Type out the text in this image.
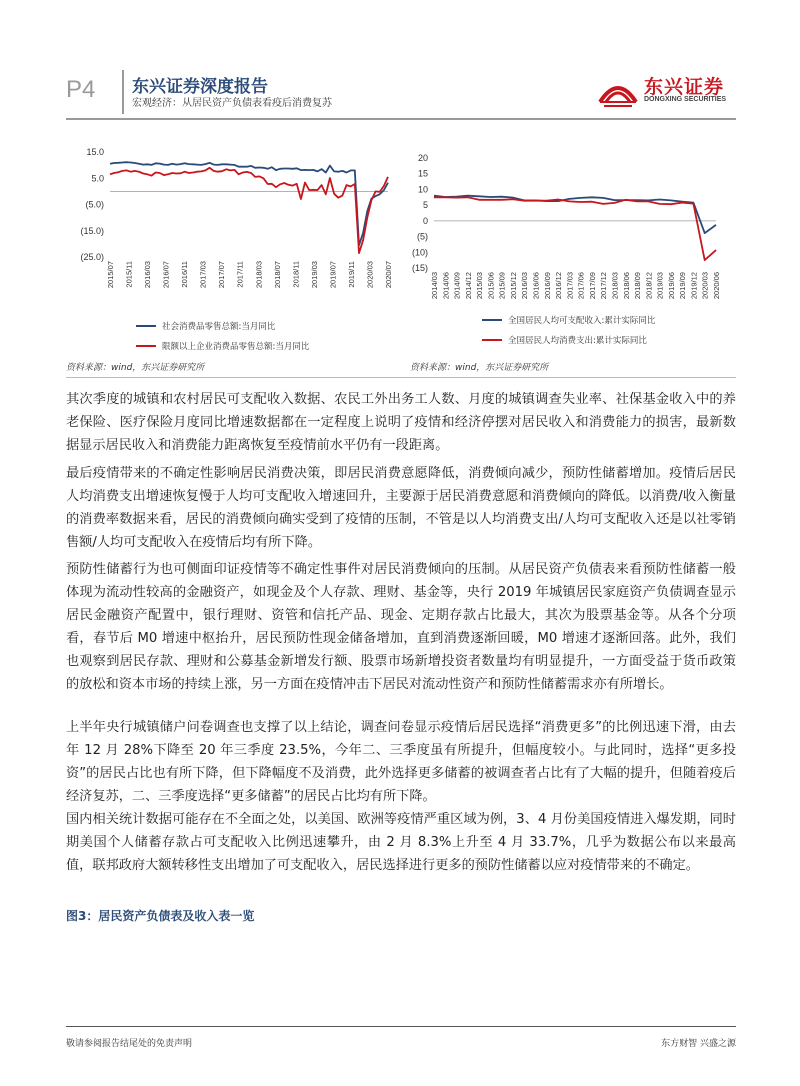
P4 东兴证券深度报告
宏观经济：从居民资产负债表看疫后消费复苏
东兴证券
DONGXING SECURITIES
15.0
5.0
(5.0)
(15.0)
(25.0)
2015/07 2015/11 2016/03 2016/07 2016/11 2017/03 2017/07 2017/11 2018/03 2018/07 2018/11 2019/03 2019/07 2019/11 2020/03 2020/07
社会消费品零售总额:当月同比
限额以上企业消费品零售总额:当月同比
资料来源：wind，东兴证券研究所
20
15
10
5
0
(5)
(10)
(15)
2014/03 2014/06 2014/09 2014/12 2015/03 2015/06 2015/09 2015/12 2016/03 2016/06 2016/09 2016/12 2017/03 2017/06 2017/09 2017/12 2018/03 2018/06 2018/09 2018/12 2019/03 2019/06 2019/09 2019/12 2020/03 2020/06
全国居民人均可支配收入:累计实际同比
全国居民人均消费支出:累计实际同比
资料来源：wind，东兴证券研究所

其次季度的城镇和农村居民可支配收入数据、农民工外出务工人数、月度的城镇调查失业率、社保基金收入中的养老保险、医疗保险月度同比增速数据都在一定程度上说明了疫情和经济停摆对居民收入和消费能力的损害，最新数据显示居民收入和消费能力距离恢复至疫情前水平仍有一段距离。

最后疫情带来的不确定性影响居民消费决策，即居民消费意愿降低，消费倾向减少，预防性储蓄增加。疫情后居民人均消费支出增速恢复慢于人均可支配收入增速回升，主要源于居民消费意愿和消费倾向的降低。以消费/收入衡量的消费率数据来看，居民的消费倾向确实受到了疫情的压制，不管是以人均消费支出/人均可支配收入还是以社零销售额/人均可支配收入在疫情后均有所下降。

预防性储蓄行为也可侧面印证疫情等不确定性事件对居民消费倾向的压制。从居民资产负债表来看预防性储蓄一般体现为流动性较高的金融资产，如现金及个人存款、理财、基金等，央行 2019 年城镇居民家庭资产负债调查显示居民金融资产配置中，银行理财、资管和信托产品、现金、定期存款占比最大，其次为股票基金等。从各个分项看，春节后 M0 增速中枢抬升，居民预防性现金储备增加，直到消费逐渐回暖，M0 增速才逐渐回落。此外，我们也观察到居民存款、理财和公募基金新增发行额、股票市场新增投资者数量均有明显提升，一方面受益于货币政策的放松和资本市场的持续上涨，另一方面在疫情冲击下居民对流动性资产和预防性储蓄需求亦有所增长。

上半年央行城镇储户问卷调查也支撑了以上结论，调查问卷显示疫情后居民选择“消费更多”的比例迅速下滑，由去年 12 月 28%下降至 20 年三季度 23.5%，今年二、三季度虽有所提升，但幅度较小。与此同时，选择“更多投资”的居民占比也有所下降，但下降幅度不及消费，此外选择更多储蓄的被调查者占比有了大幅的提升，但随着疫后经济复苏，二、三季度选择“更多储蓄”的居民占比均有所下降。

国内相关统计数据可能存在不全面之处，以美国、欧洲等疫情严重区域为例，3、4 月份美国疫情进入爆发期，同时期美国个人储蓄存款占可支配收入比例迅速攀升，由 2 月 8.3%上升至 4 月 33.7%，几乎为数据公布以来最高值，联邦政府大额转移性支出增加了可支配收入，居民选择进行更多的预防性储蓄以应对疫情带来的不确定。

图3：居民资产负债表及收入表一览
敬请参阅报告结尾处的免责声明	东方财智 兴盛之源
